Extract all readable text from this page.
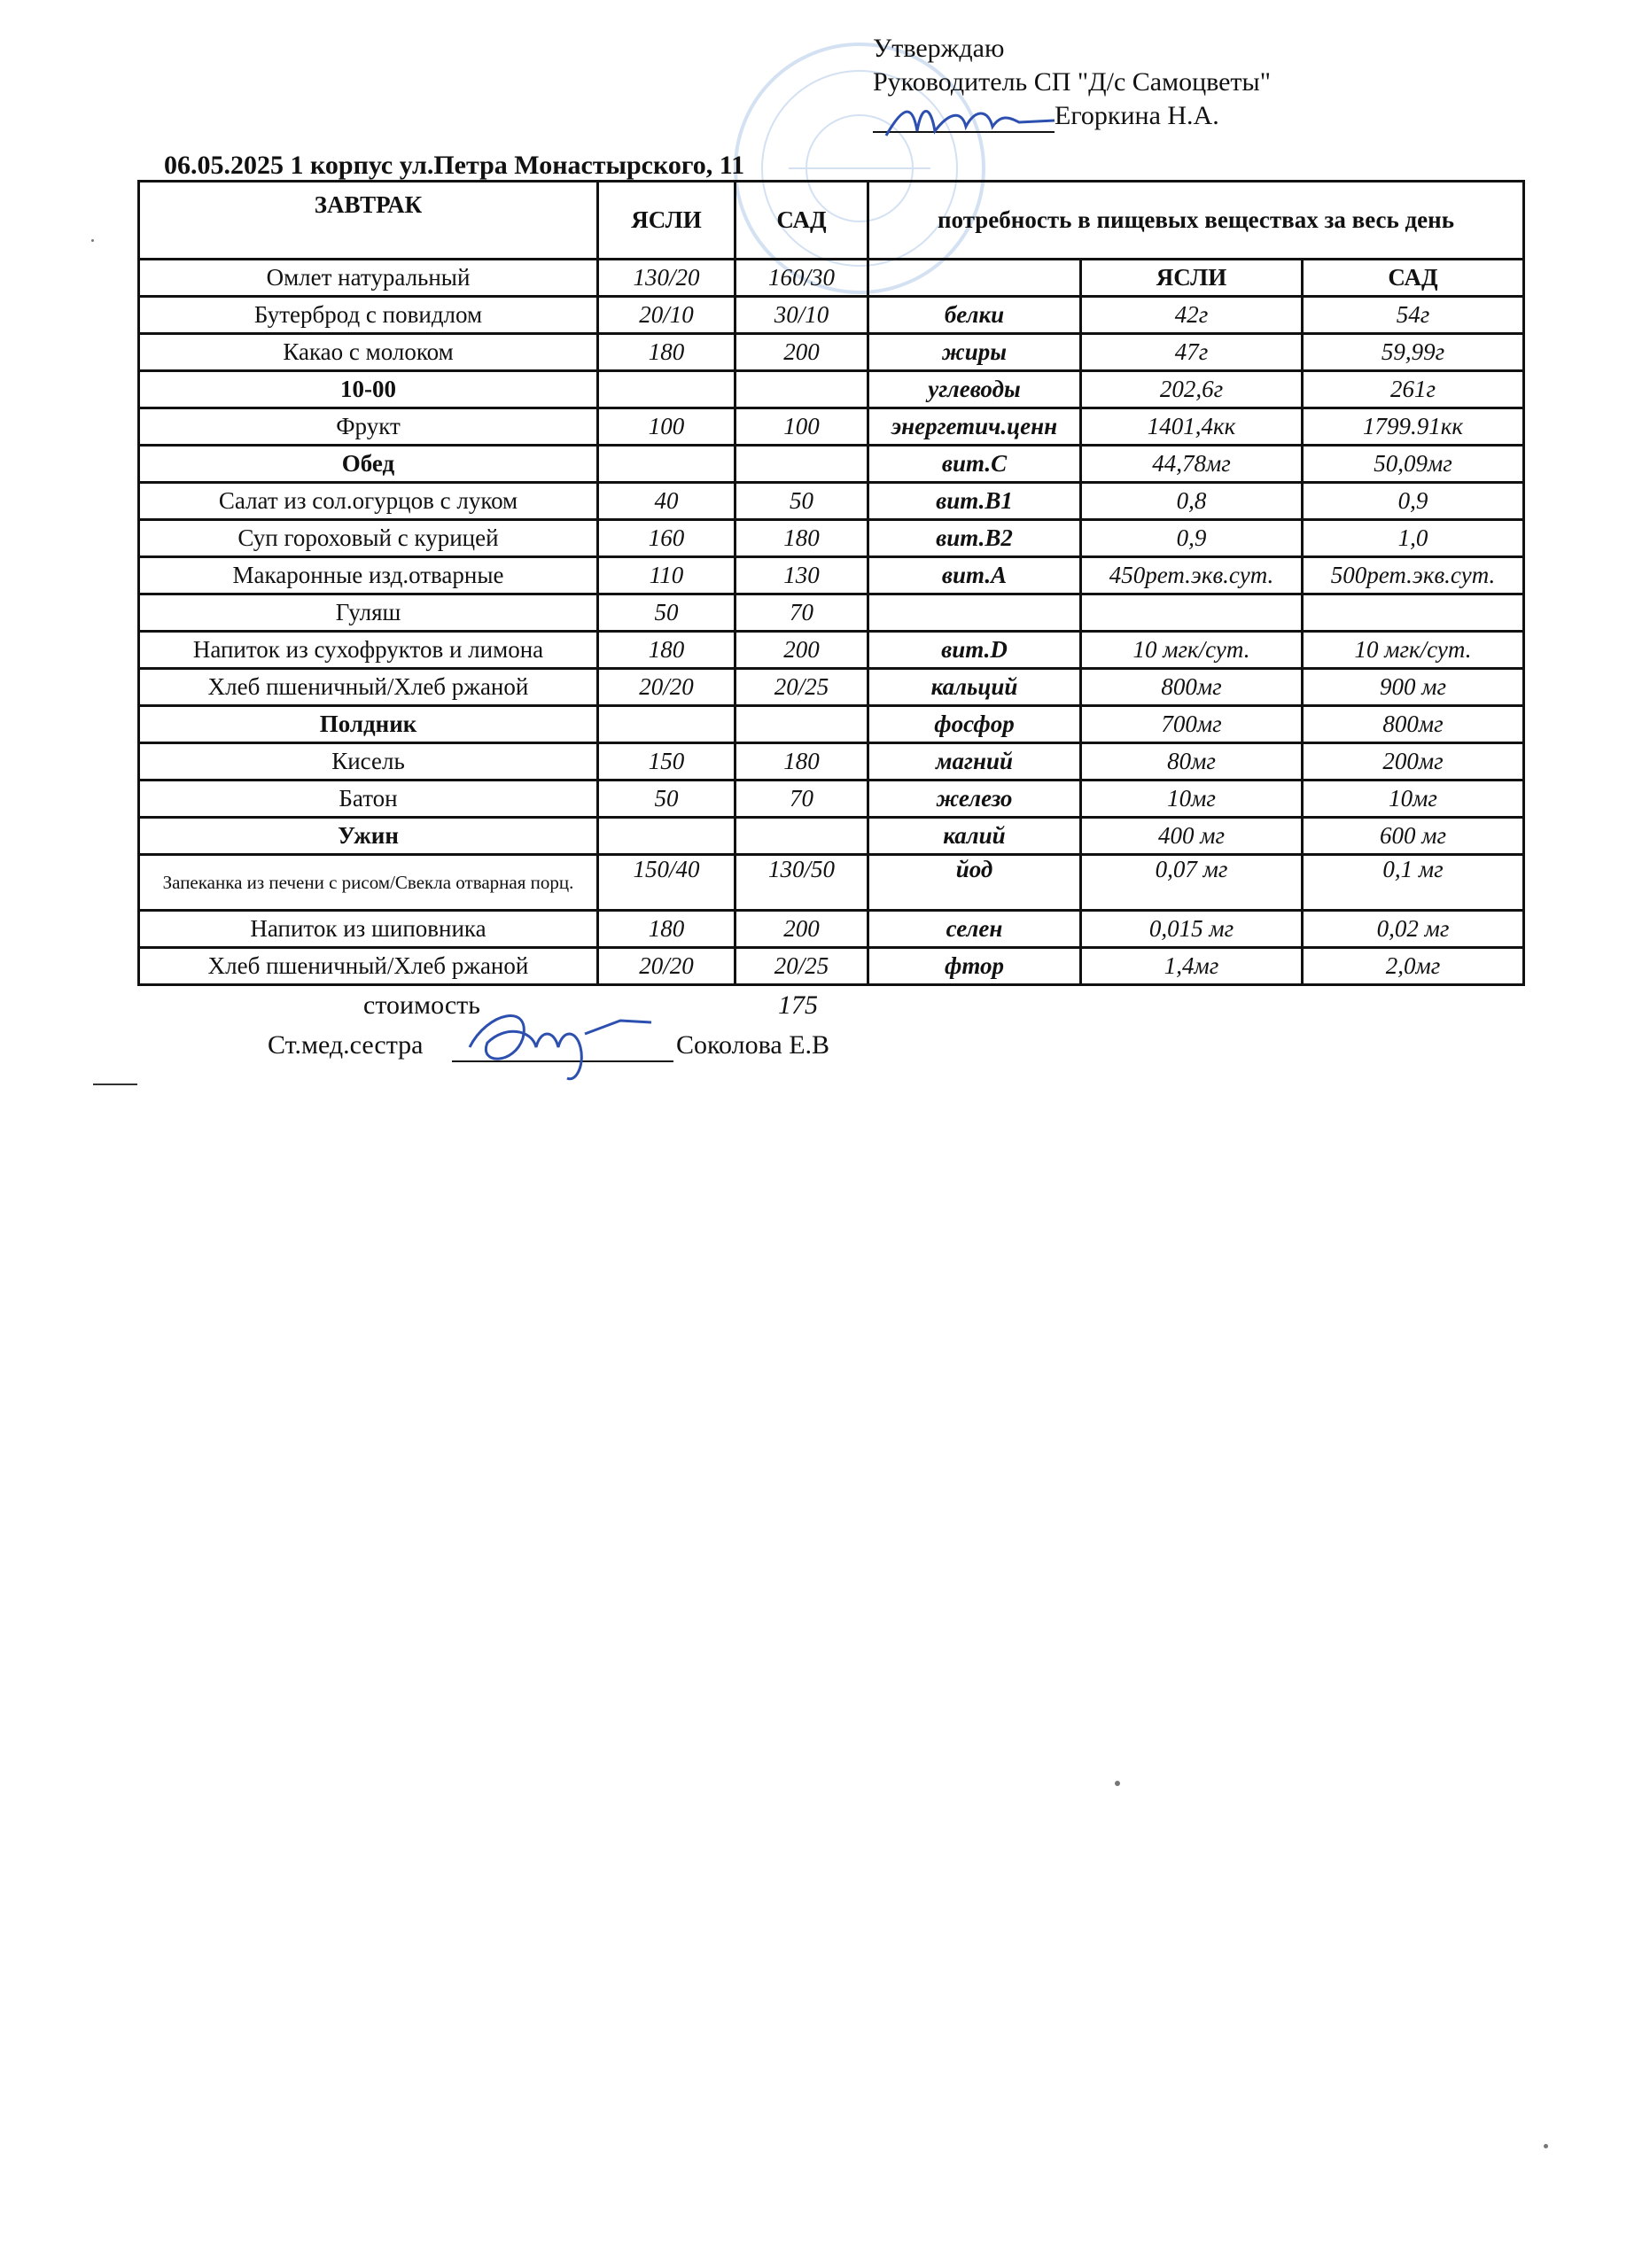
Утверждаю
Руководитель СП "Д/с Самоцветы"
Егоркина Н.А.
06.05.2025 1 корпус ул.Петра Монастырского, 11
ЗАВТРАК	ЯСЛИ	САД	потребность в пищевых веществах за весь день		
Омлет натуральный	130/20	160/30		ЯСЛИ	САД
Бутерброд с повидлом	20/10	30/10	белки	42г	54г
Какао с молоком	180	200	жиры	47г	59,99г
10-00			углеводы	202,6г	261г
Фрукт	100	100	энергетич.ценн	1401,4кк	1799.91кк
Обед			вит.С	44,78мг	50,09мг
Салат из сол.огурцов с луком	40	50	вит.В1	0,8	0,9
Суп гороховый с курицей	160	180	вит.В2	0,9	1,0
Макаронные изд.отварные	110	130	вит.А	450рет.экв.сут.	500рет.экв.сут.
Гуляш	50	70			
Напиток из сухофруктов и лимона	180	200	вит.D	10 мгк/сут.	10 мгк/сут.
Хлеб пшеничный/Хлеб ржаной	20/20	20/25	кальций	800мг	900 мг
Полдник			фосфор	700мг	800мг
Кисель	150	180	магний	80мг	200мг
Батон	50	70	железо	10мг	10мг
Ужин			калий	400 мг	600 мг
Запеканка из печени с рисом/Свекла отварная порц.	150/40	130/50	йод	0,07 мг	0,1 мг
Напиток из шиповника	180	200	селен	0,015 мг	0,02 мг
Хлеб пшеничный/Хлеб ржаной	20/20	20/25	фтор	1,4мг	2,0мг
стоимость	175
Ст.мед.сестра	Соколова Е.В
